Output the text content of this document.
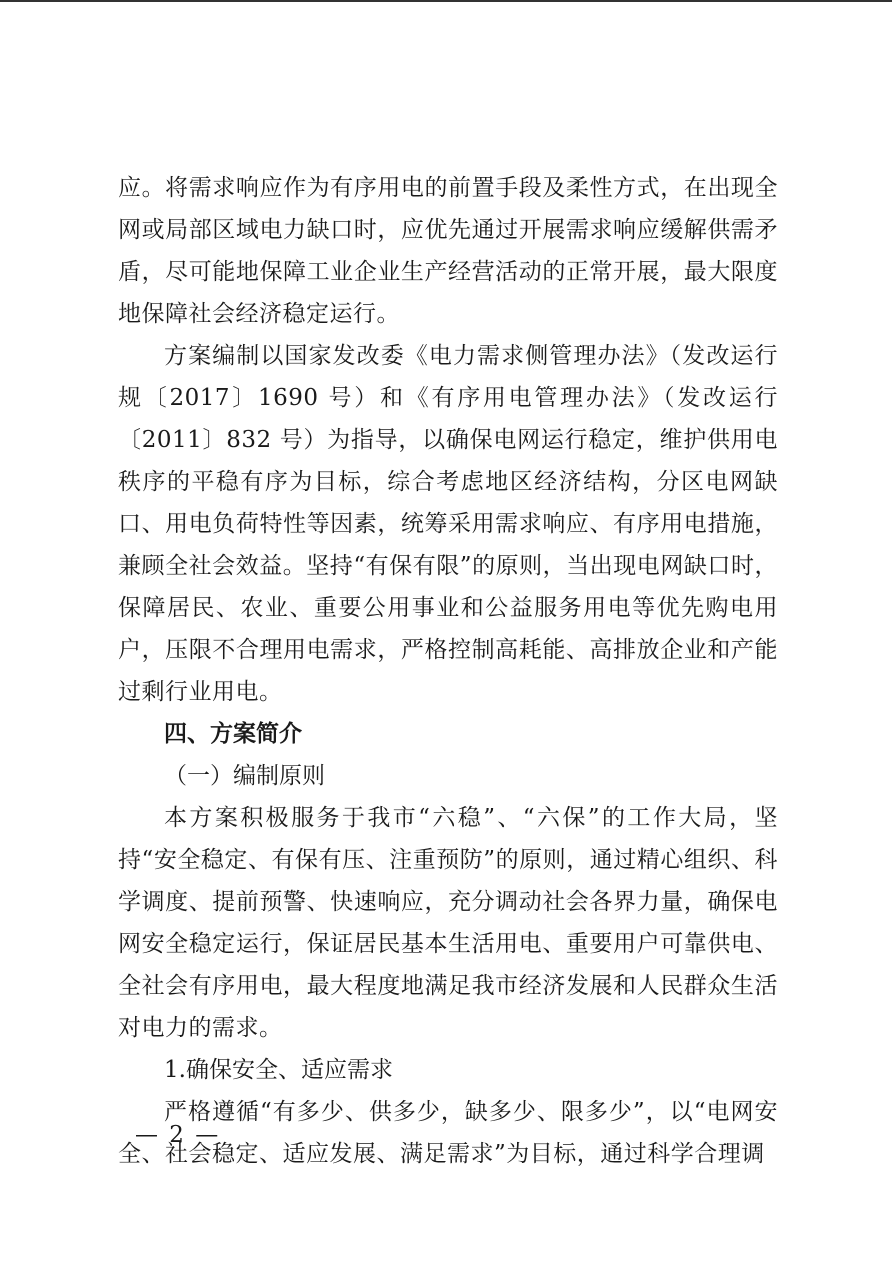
应。将需求响应作为有序用电的前置手段及柔性方式，在出现全网或局部区域电力缺口时，应优先通过开展需求响应缓解供需矛盾，尽可能地保障工业企业生产经营活动的正常开展，最大限度地保障社会经济稳定运行。

方案编制以国家发改委《电力需求侧管理办法》（发改运行规〔2017〕1690 号）和《有序用电管理办法》（发改运行〔2011〕832 号）为指导，以确保电网运行稳定，维护供用电秩序的平稳有序为目标，综合考虑地区经济结构，分区电网缺口、用电负荷特性等因素，统筹采用需求响应、有序用电措施，兼顾全社会效益。坚持“有保有限”的原则，当出现电网缺口时，保障居民、农业、重要公用事业和公益服务用电等优先购电用户，压限不合理用电需求，严格控制高耗能、高排放企业和产能过剩行业用电。

四、方案简介

（一）编制原则

本方案积极服务于我市“六稳”、“六保”的工作大局，坚持“安全稳定、有保有压、注重预防”的原则，通过精心组织、科学调度、提前预警、快速响应，充分调动社会各界力量，确保电网安全稳定运行，保证居民基本生活用电、重要用户可靠供电、全社会有序用电，最大程度地满足我市经济发展和人民群众生活对电力的需求。

1.确保安全、适应需求

严格遵循“有多少、供多少，缺多少、限多少”，以“电网安全、社会稳定、适应发展、满足需求”为目标，通过科学合理调

— 2 —
